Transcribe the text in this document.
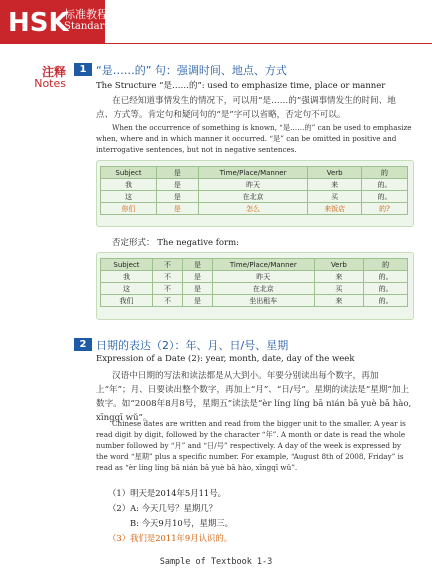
HSK
标准教程 1
Standard Course 1
注释
Notes
1 “是……的” 句：强调时间、地点、方式
The Structure “是……的”: used to emphasize time, place or manner
在已经知道事情发生的情况下，可以用“是……的”强调事情发生的时间、地点、方式等。肯定句和疑问句的“是”字可以省略，否定句不可以。
When the occurrence of something is known, “是……的” can be used to emphasize when, where and in which manner it occurred. “是” can be omitted in positive and interrogative sentences, but not in negative sentences.
Subject	是	Time/Place/Manner	Verb	的
我	是	昨天	来	的。
这	是	在北京	买	的。
你们	是	怎么	来饭店	的?
否定形式： The negative form:
Subject	不	是	Time/Place/Manner	Verb	的
我	不	是	昨天	来	的。
这	不	是	在北京	买	的。
我们	不	是	坐出租车	来	的。
2 日期的表达（2）：年、月、日/号、星期
Expression of a Date (2): year, month, date, day of the week
汉语中日期的写法和读法都是从大到小。年要分别读出每个数字，再加上“年”；月、日要读出整个数字，再加上“月”、“日/号”。星期的读法是“星期”加上数字。如“2008年8月8号，星期五”读法是“èr líng líng bā nián bā yuè bā hào, xīngqī wǔ”。
Chinese dates are written and read from the bigger unit to the smaller. A year is read digit by digit, followed by the character “年”. A month or date is read the whole number followed by “月” and “日/号” respectively. A day of the week is expressed by the word “星期” plus a specific number. For example, “August 8th of 2008, Friday” is read as “èr líng líng bā nián bā yuè bā hào, xīngqī wǔ”.
（1）明天是2014年5月11号。
（2）A: 今天几号？星期几？
B: 今天9月10号，星期三。
（3）我们是2011年9月认识的。
Sample of Textbook 1-3
